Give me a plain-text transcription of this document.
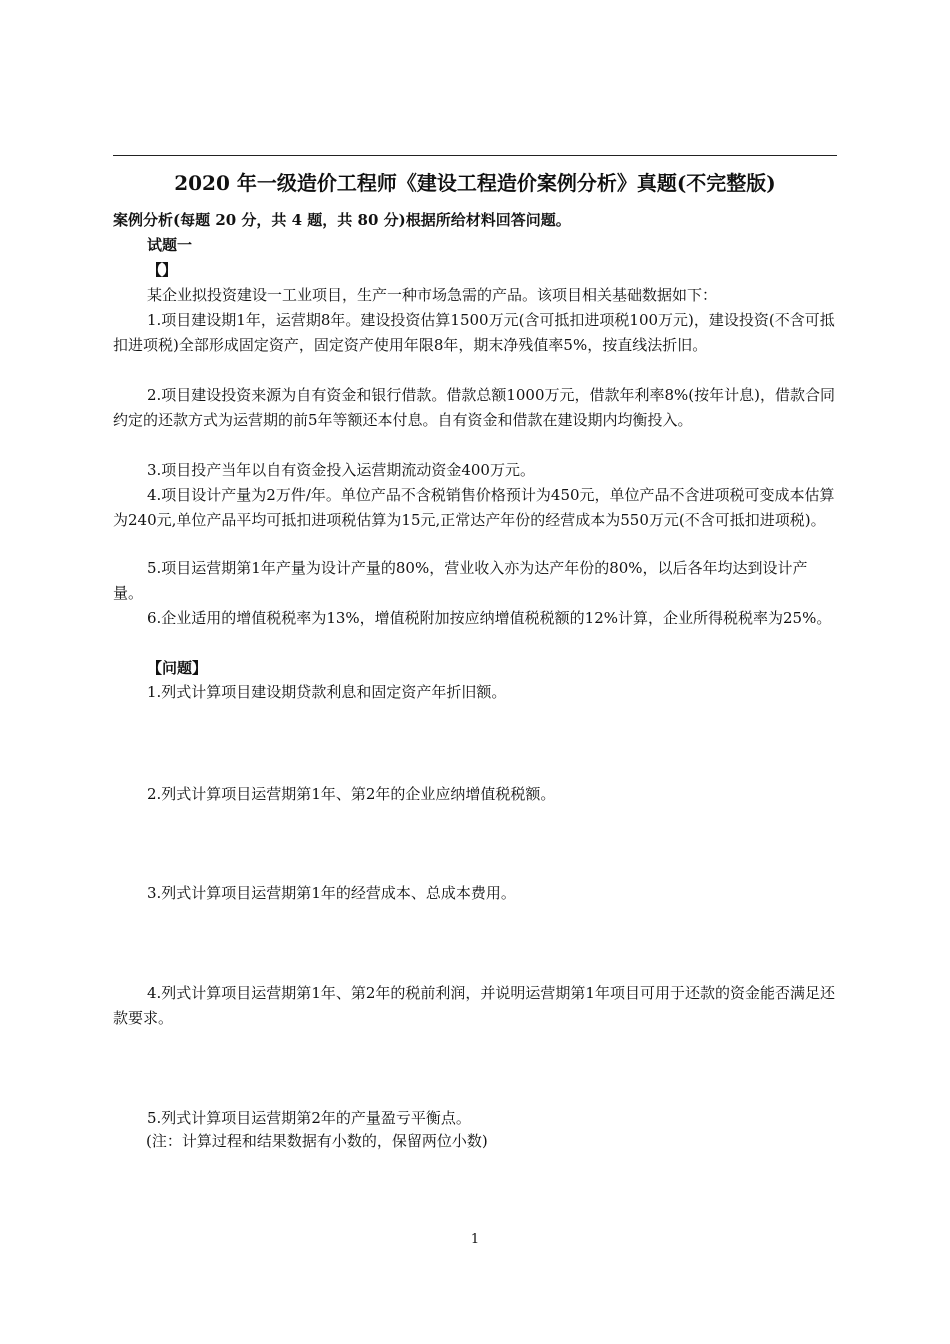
2020 年一级造价工程师《建设工程造价案例分析》真题(不完整版)

案例分析(每题 20 分，共 4 题，共 80 分)根据所给材料回答问题。

试题一

【】

某企业拟投资建设一工业项目，生产一种市场急需的产品。该项目相关基础数据如下：

1.项目建设期1年，运营期8年。建设投资估算1500万元(含可抵扣进项税100万元)，建设投资(不含可抵扣进项税)全部形成固定资产，固定资产使用年限8年，期末净残值率5%，按直线法折旧。

2.项目建设投资来源为自有资金和银行借款。借款总额1000万元，借款年利率8%(按年计息)，借款合同约定的还款方式为运营期的前5年等额还本付息。自有资金和借款在建设期内均衡投入。

3.项目投产当年以自有资金投入运营期流动资金400万元。

4.项目设计产量为2万件/年。单位产品不含税销售价格预计为450元，单位产品不含进项税可变成本估算为240元,单位产品平均可抵扣进项税估算为15元,正常达产年份的经营成本为550万元(不含可抵扣进项税)。

5.项目运营期第1年产量为设计产量的80%，营业收入亦为达产年份的80%，以后各年均达到设计产量。

6.企业适用的增值税税率为13%，增值税附加按应纳增值税税额的12%计算，企业所得税税率为25%。

【问题】

1.列式计算项目建设期贷款利息和固定资产年折旧额。

2.列式计算项目运营期第1年、第2年的企业应纳增值税税额。

3.列式计算项目运营期第1年的经营成本、总成本费用。

4.列式计算项目运营期第1年、第2年的税前利润，并说明运营期第1年项目可用于还款的资金能否满足还款要求。

5.列式计算项目运营期第2年的产量盈亏平衡点。

(注：计算过程和结果数据有小数的，保留两位小数)

1
